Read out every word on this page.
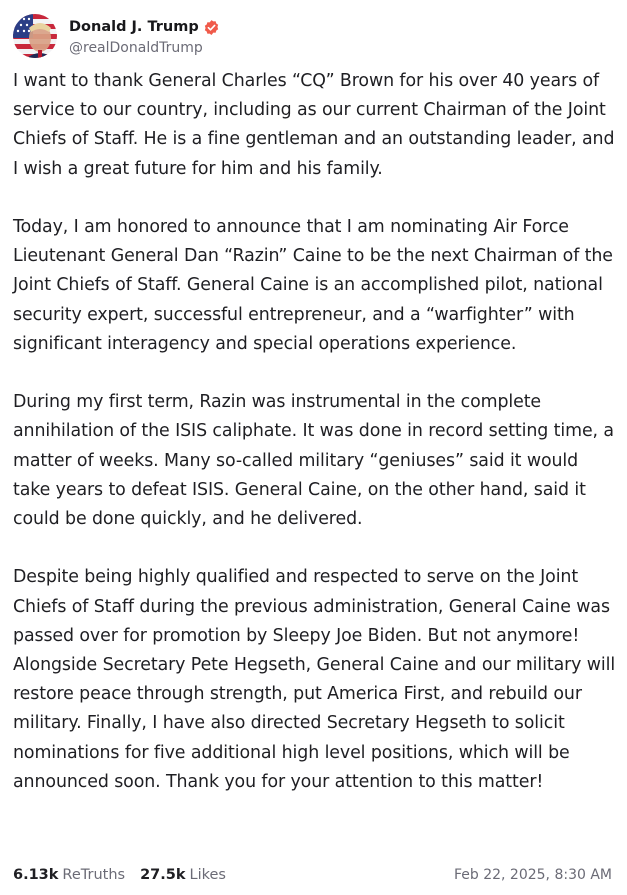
Donald J. Trump
@realDonaldTrump

I want to thank General Charles “CQ” Brown for his over 40 years of service to our country, including as our current Chairman of the Joint Chiefs of Staff. He is a fine gentleman and an outstanding leader, and I wish a great future for him and his family.

Today, I am honored to announce that I am nominating Air Force Lieutenant General Dan “Razin” Caine to be the next Chairman of the Joint Chiefs of Staff. General Caine is an accomplished pilot, national security expert, successful entrepreneur, and a “warfighter” with significant interagency and special operations experience.

During my first term, Razin was instrumental in the complete annihilation of the ISIS caliphate. It was done in record setting time, a matter of weeks. Many so-called military “geniuses” said it would take years to defeat ISIS. General Caine, on the other hand, said it could be done quickly, and he delivered.

Despite being highly qualified and respected to serve on the Joint Chiefs of Staff during the previous administration, General Caine was passed over for promotion by Sleepy Joe Biden. But not anymore! Alongside Secretary Pete Hegseth, General Caine and our military will restore peace through strength, put America First, and rebuild our military. Finally, I have also directed Secretary Hegseth to solicit nominations for five additional high level positions, which will be announced soon. Thank you for your attention to this matter!

6.13k ReTruths 27.5k Likes	Feb 22, 2025, 8:30 AM
